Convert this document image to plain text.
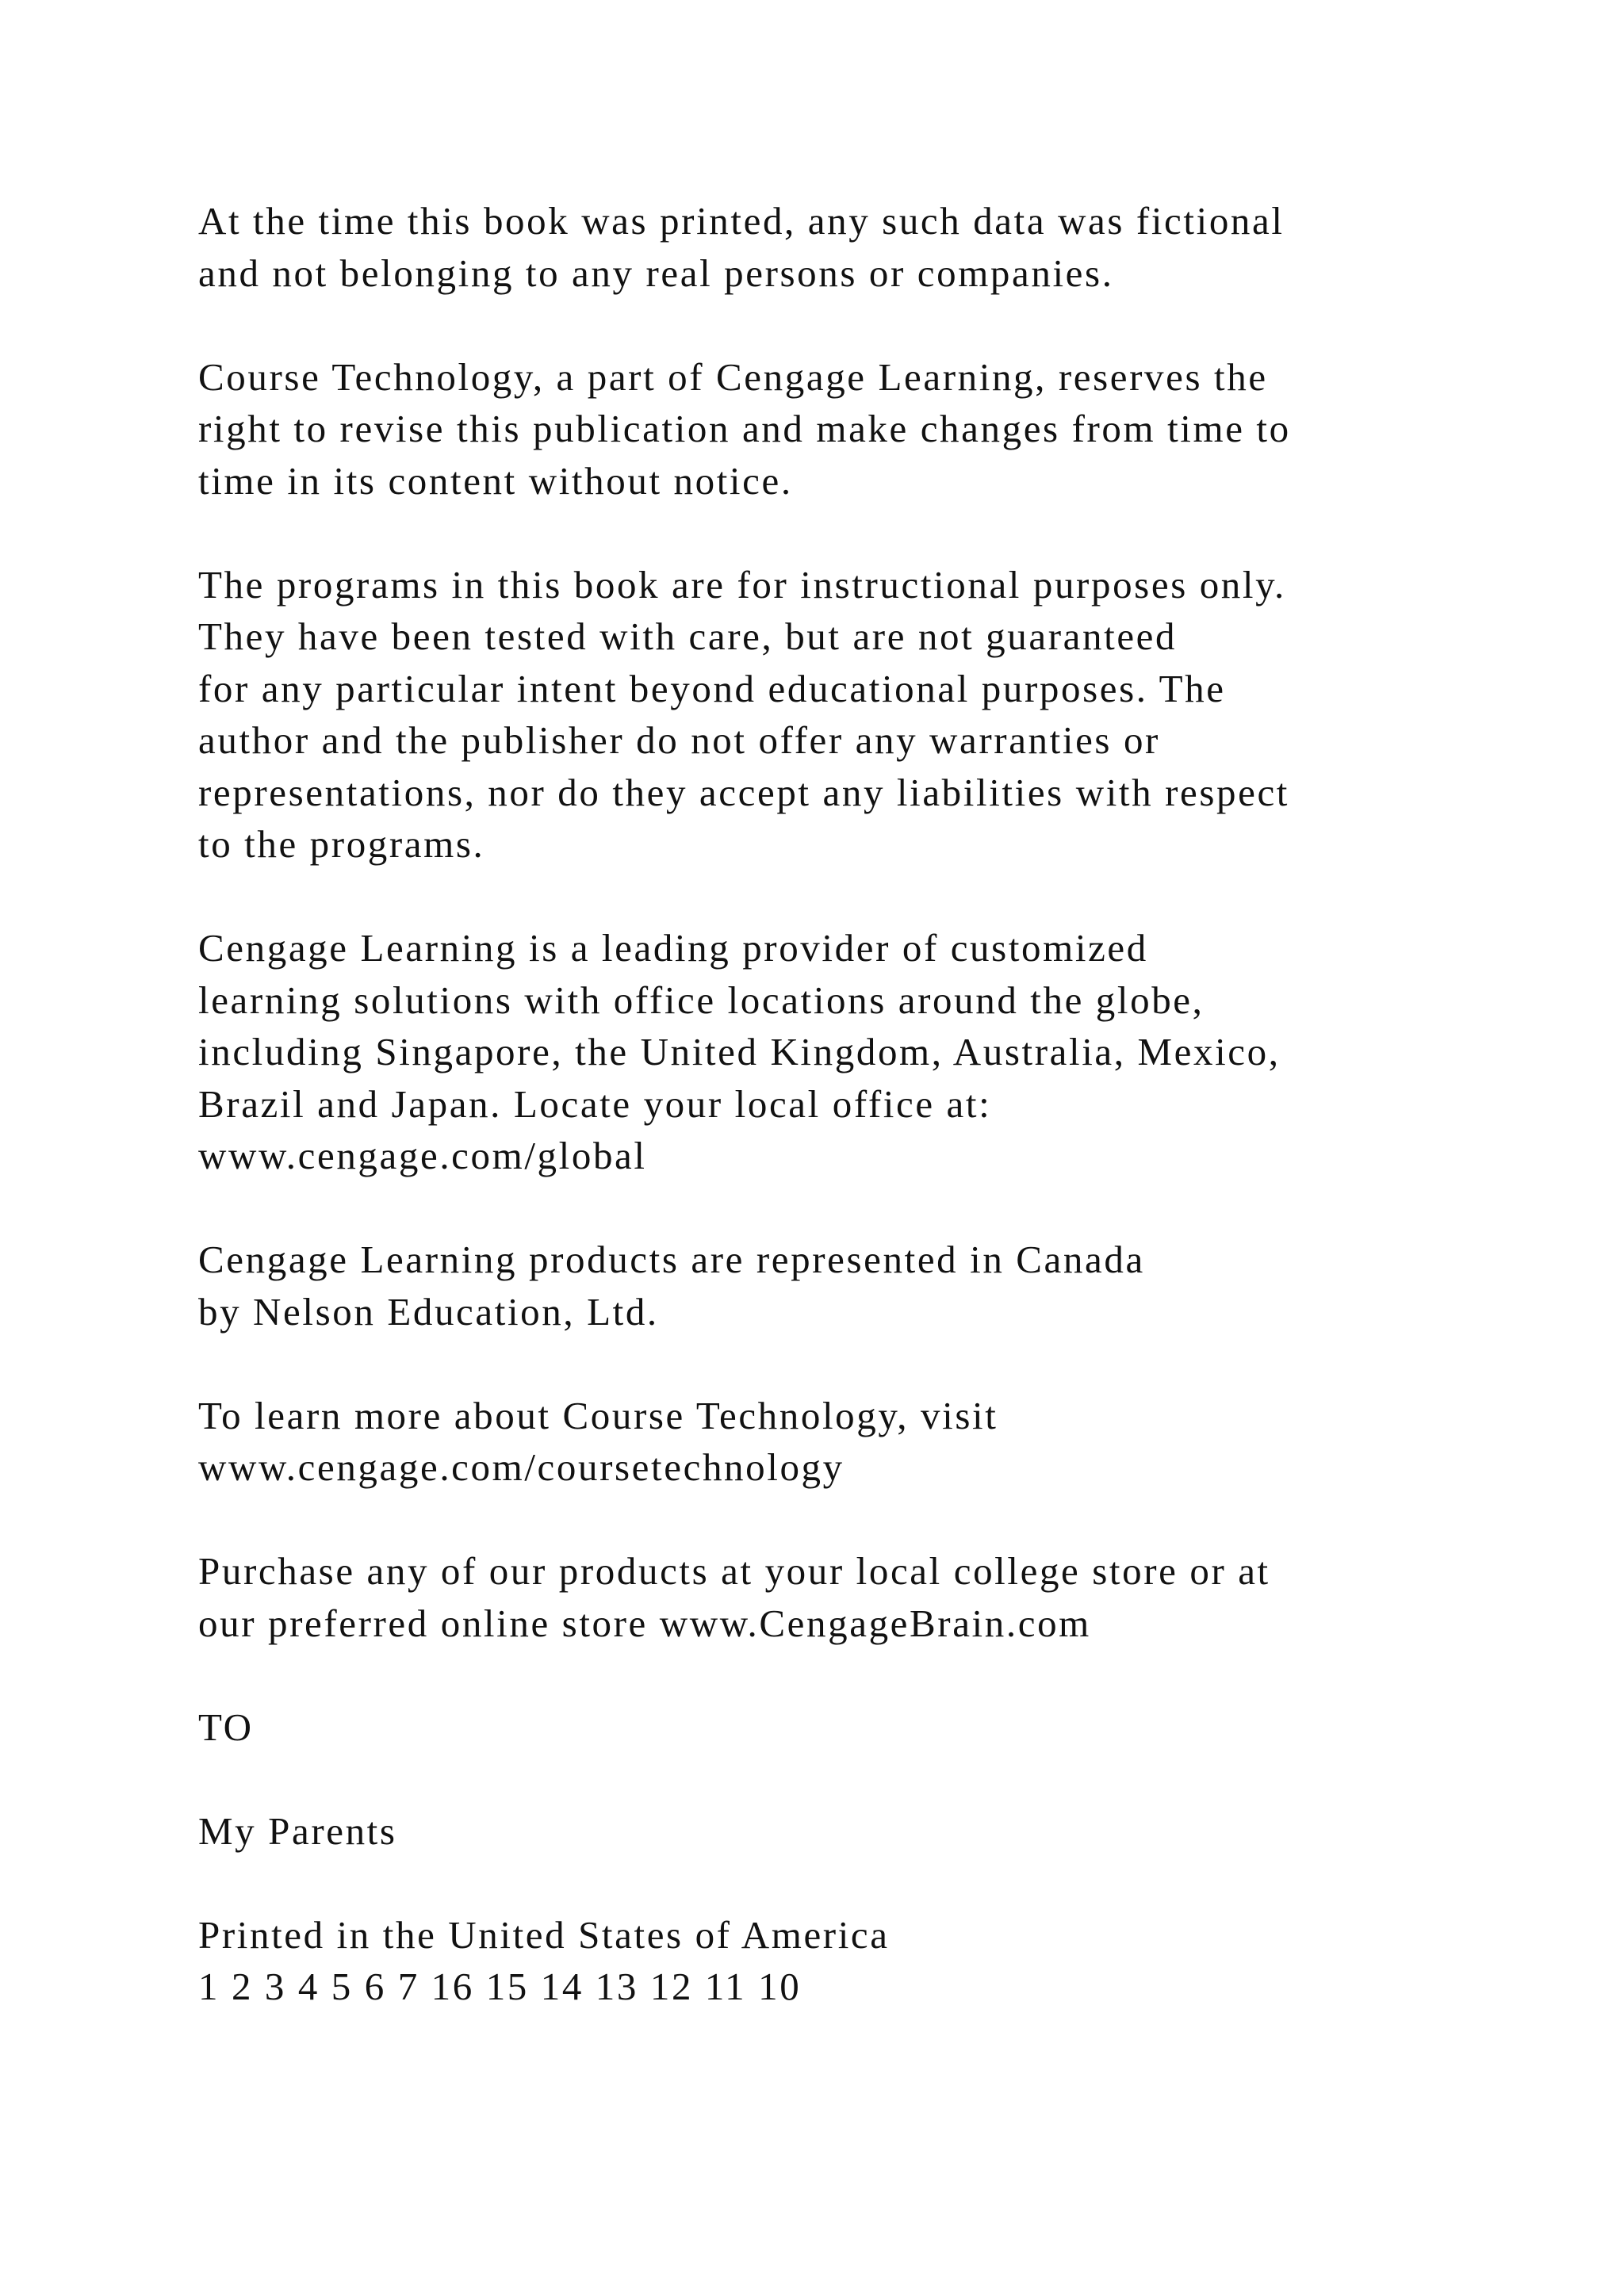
At the time this book was printed, any such data was fictional
and not belonging to any real persons or companies.

Course Technology, a part of Cengage Learning, reserves the
right to revise this publication and make changes from time to
time in its content without notice.

The programs in this book are for instructional purposes only.
They have been tested with care, but are not guaranteed
for any particular intent beyond educational purposes. The
author and the publisher do not offer any warranties or
representations, nor do they accept any liabilities with respect
to the programs.

Cengage Learning is a leading provider of customized
learning solutions with office locations around the globe,
including Singapore, the United Kingdom, Australia, Mexico,
Brazil and Japan. Locate your local office at:
www.cengage.com/global

Cengage Learning products are represented in Canada
by Nelson Education, Ltd.

To learn more about Course Technology, visit
www.cengage.com/coursetechnology

Purchase any of our products at your local college store or at
our preferred online store www.CengageBrain.com

TO

My Parents

Printed in the United States of America
1 2 3 4 5 6 7 16 15 14 13 12 11 10
